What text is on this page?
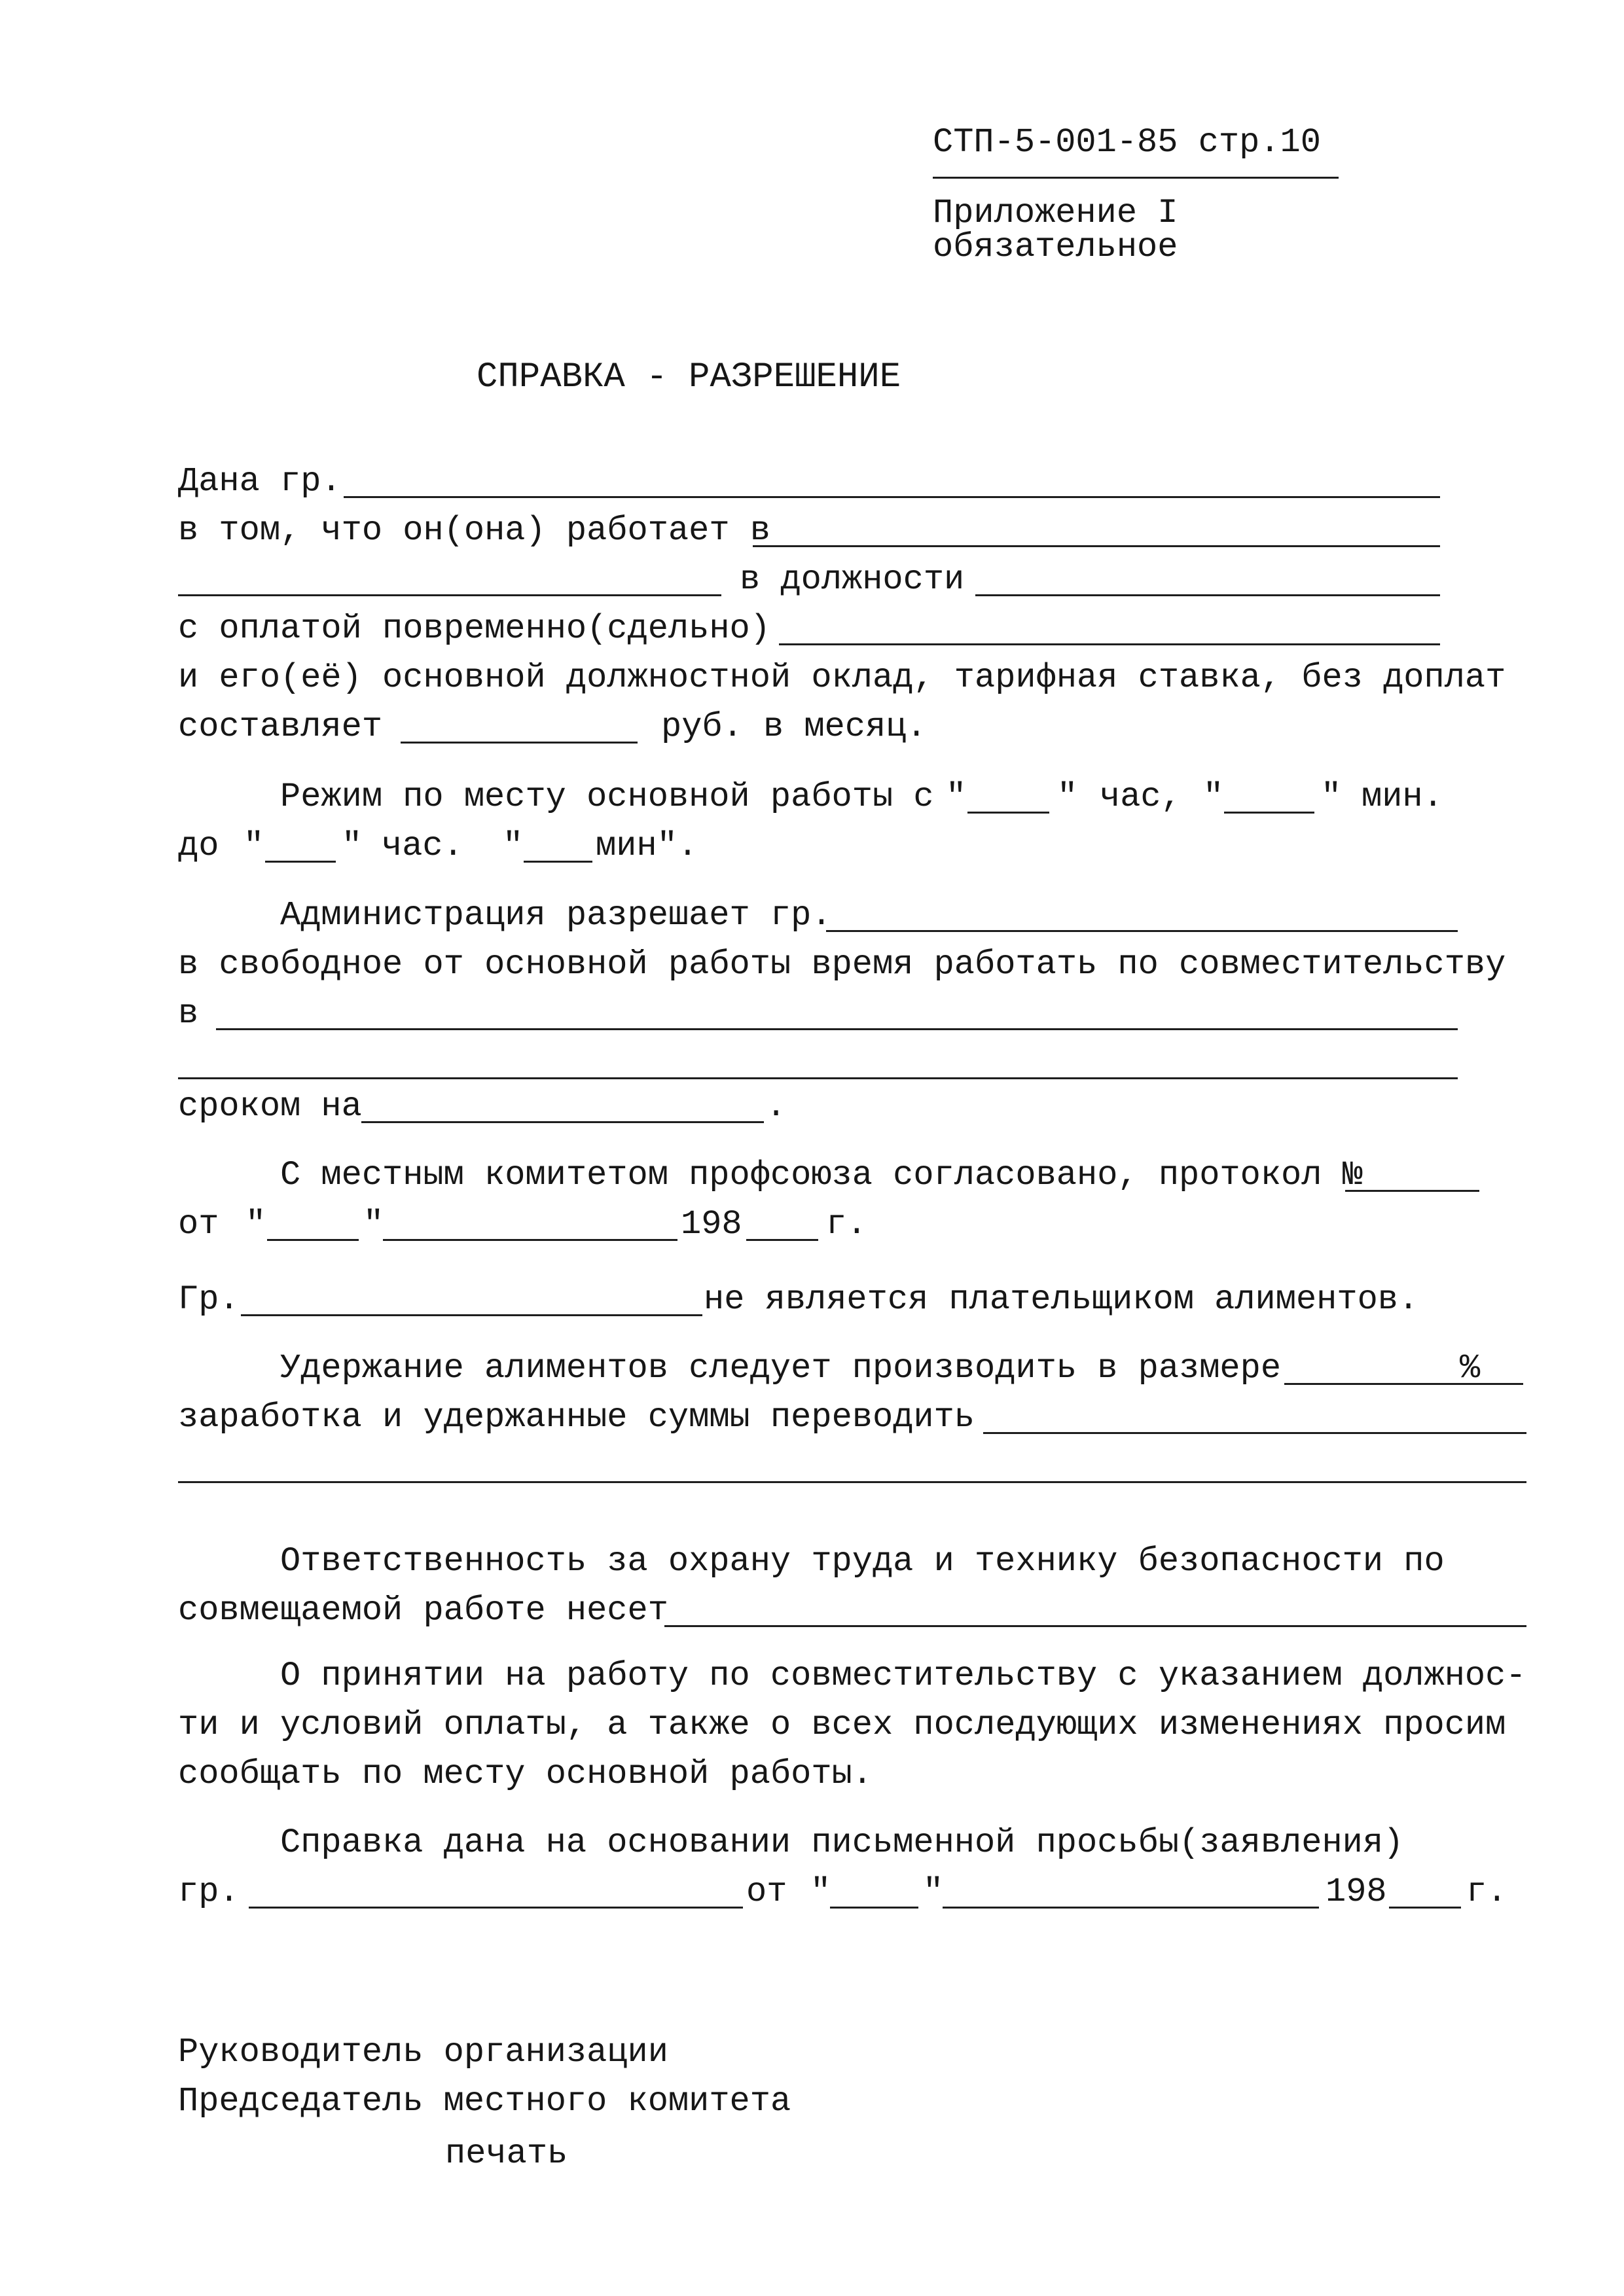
СТП-5-001-85 стр.10
Приложение I
обязательное
СПРАВКА - РАЗРЕШЕНИЕ
Дана гр.
в том, что он(она) работает в
в должности
с оплатой повременно(сдельно)
и его(её) основной должностной оклад, тарифная ставка, без доплат
составляет	руб. в месяц.
Режим по месту основной работы с "	" час, "	" мин.
до " " час. " мин".
Администрация разрешает гр.
в свободное от основной работы время работать по совместительству
в
сроком на	.
С местным комитетом профсоюза согласовано, протокол №
от "	"	198 г.
Гр.	не является плательщиком алиментов.
Удержание алиментов следует производить в размере	%
заработка и удержанные суммы переводить
Ответственность за охрану труда и технику безопасности по
совмещаемой работе несет
О принятии на работу по совместительству с указанием должнос-
ти и условий оплаты, а также о всех последующих изменениях просим
сообщать по месту основной работы.
Справка дана на основании письменной просьбы(заявления)
гр.	от "	"	198 г.
Руководитель организации
Председатель местного комитета
печать
